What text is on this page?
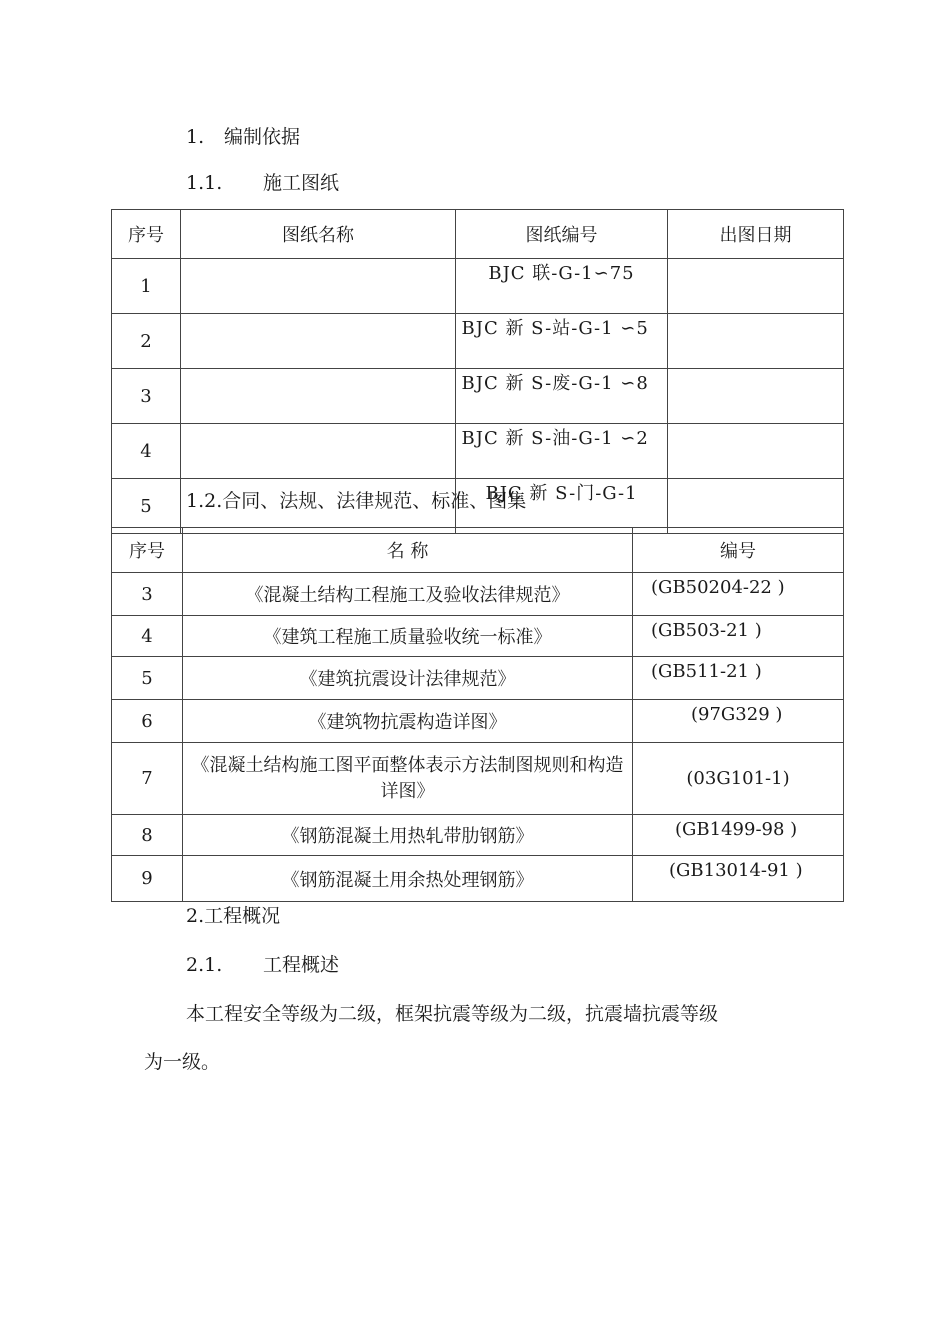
1. 编制依据
1.1. 施工图纸
序号	图纸名称	图纸编号	出图日期
1		BJC 联-G-1∽75	
2		BJC 新 S-站-G-1 ∽5	
3		BJC 新 S-废-G-1 ∽8	
4		BJC 新 S-油-G-1 ∽2	
5		BJC 新 S-门-G-1	
1.2.合同、法规、法律规范、标准、图集
序号	名 称	编号
3	《混凝土结构工程施工及验收法律规范》	(GB50204-22 )
4	《建筑工程施工质量验收统一标准》	(GB503-21 )
5	《建筑抗震设计法律规范》	(GB511-21 )
6	《建筑物抗震构造详图》	(97G329 )
7	《混凝土结构施工图平面整体表示方法制图规则和构造详图》	(03G101-1)
8	《钢筋混凝土用热轧带肋钢筋》	(GB1499-98 )
9	《钢筋混凝土用余热处理钢筋》	(GB13014-91 )
2.工程概况
2.1. 工程概述
本工程安全等级为二级，框架抗震等级为二级，抗震墙抗震等级
为一级。
